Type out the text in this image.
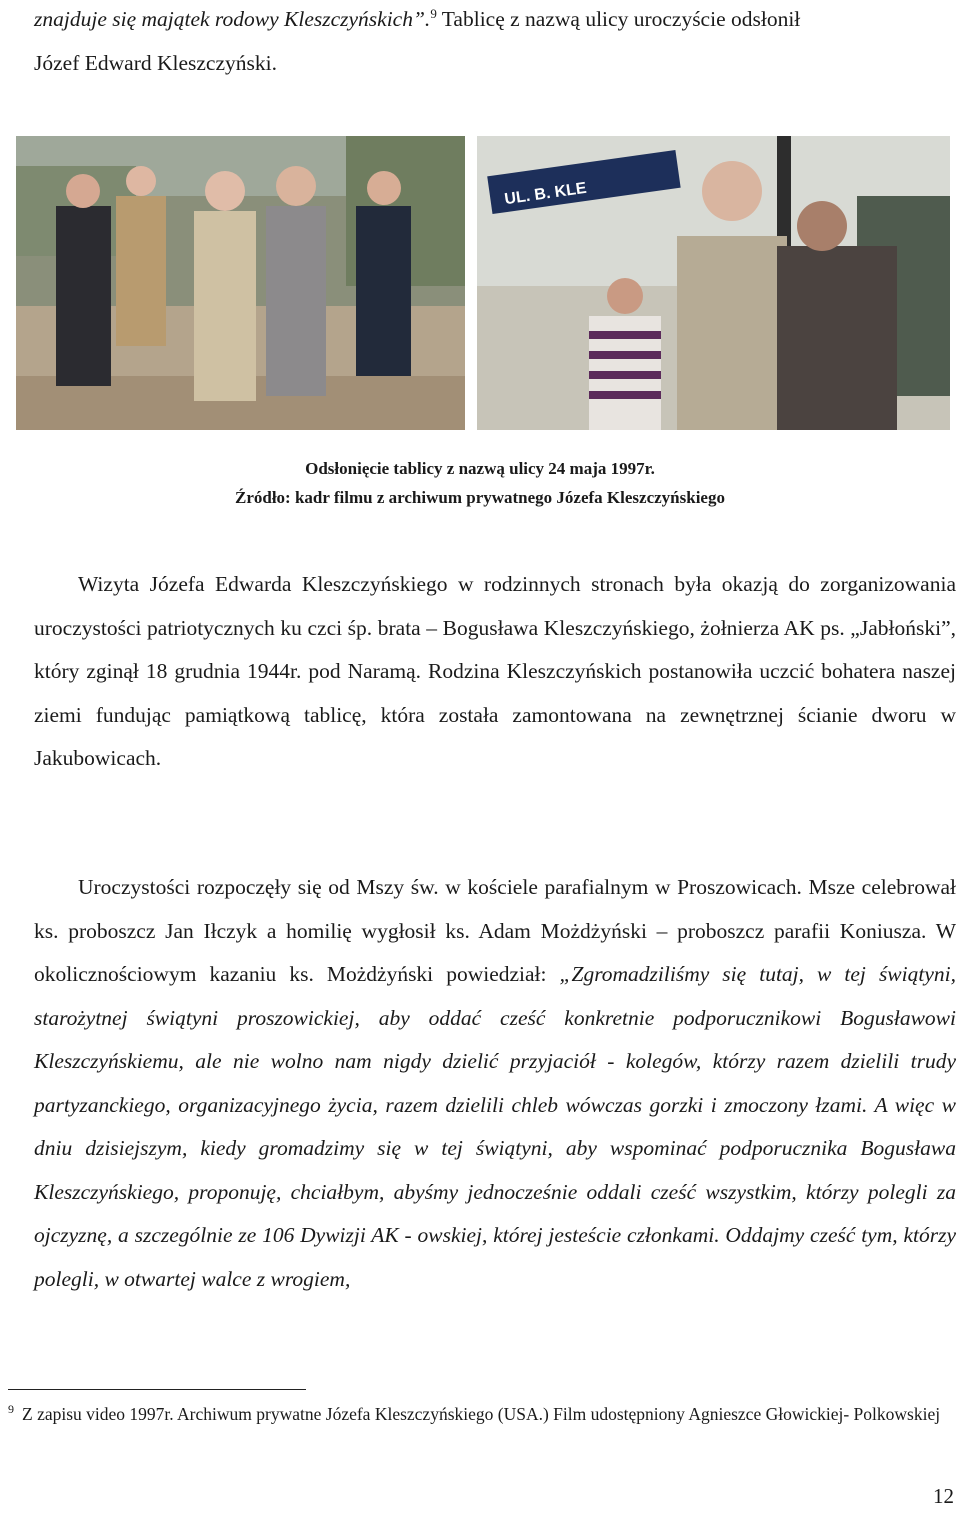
znajduje się majątek rodowy Kleszczyńskich”.$^9$ Tablicę z nazwą ulicy uroczyście odsłonił
Józef Edward Kleszczyński.
UL. B. KLE
Odsłonięcie tablicy z nazwą ulicy 24 maja 1997r.
Źródło: kadr filmu z archiwum prywatnego Józefa Kleszczyńskiego
Wizyta Józefa Edwarda Kleszczyńskiego w rodzinnych stronach była okazją do zorganizowania uroczystości patriotycznych ku czci śp. brata – Bogusława Kleszczyńskiego, żołnierza AK ps. „Jabłoński”, który zginął 18 grudnia 1944r. pod Naramą. Rodzina Kleszczyńskich postanowiła uczcić bohatera naszej ziemi fundując pamiątkową tablicę, która została zamontowana na zewnętrznej ścianie dworu w Jakubowicach.
Uroczystości rozpoczęły się od Mszy św. w kościele parafialnym w Proszowicach. Msze celebrował ks. proboszcz Jan Iłczyk a homilię wygłosił ks. Adam Możdżyński – proboszcz parafii Koniusza. W okolicznościowym kazaniu ks. Możdżyński powiedział: „Zgromadziliśmy się tutaj, w tej świątyni, starożytnej świątyni proszowickiej, aby oddać cześć konkretnie podporucznikowi Bogusławowi Kleszczyńskiemu, ale nie wolno nam nigdy dzielić przyjaciół - kolegów, którzy razem dzielili trudy partyzanckiego, organizacyjnego życia, razem dzielili chleb wówczas gorzki i zmoczony łzami. A więc w dniu dzisiejszym, kiedy gromadzimy się w tej świątyni, aby wspominać podporucznika Bogusława Kleszczyńskiego, proponuję, chciałbym, abyśmy jednocześnie oddali cześć wszystkim, którzy polegli za ojczyznę, a szczególnie ze 106 Dywizji AK - owskiej, której jesteście członkami. Oddajmy cześć tym, którzy polegli, w otwartej walce z wrogiem,
$^9$ Z zapisu video 1997r. Archiwum prywatne Józefa Kleszczyńskiego (USA.) Film udostępniony Agnieszce Głowickiej- Polkowskiej
12
